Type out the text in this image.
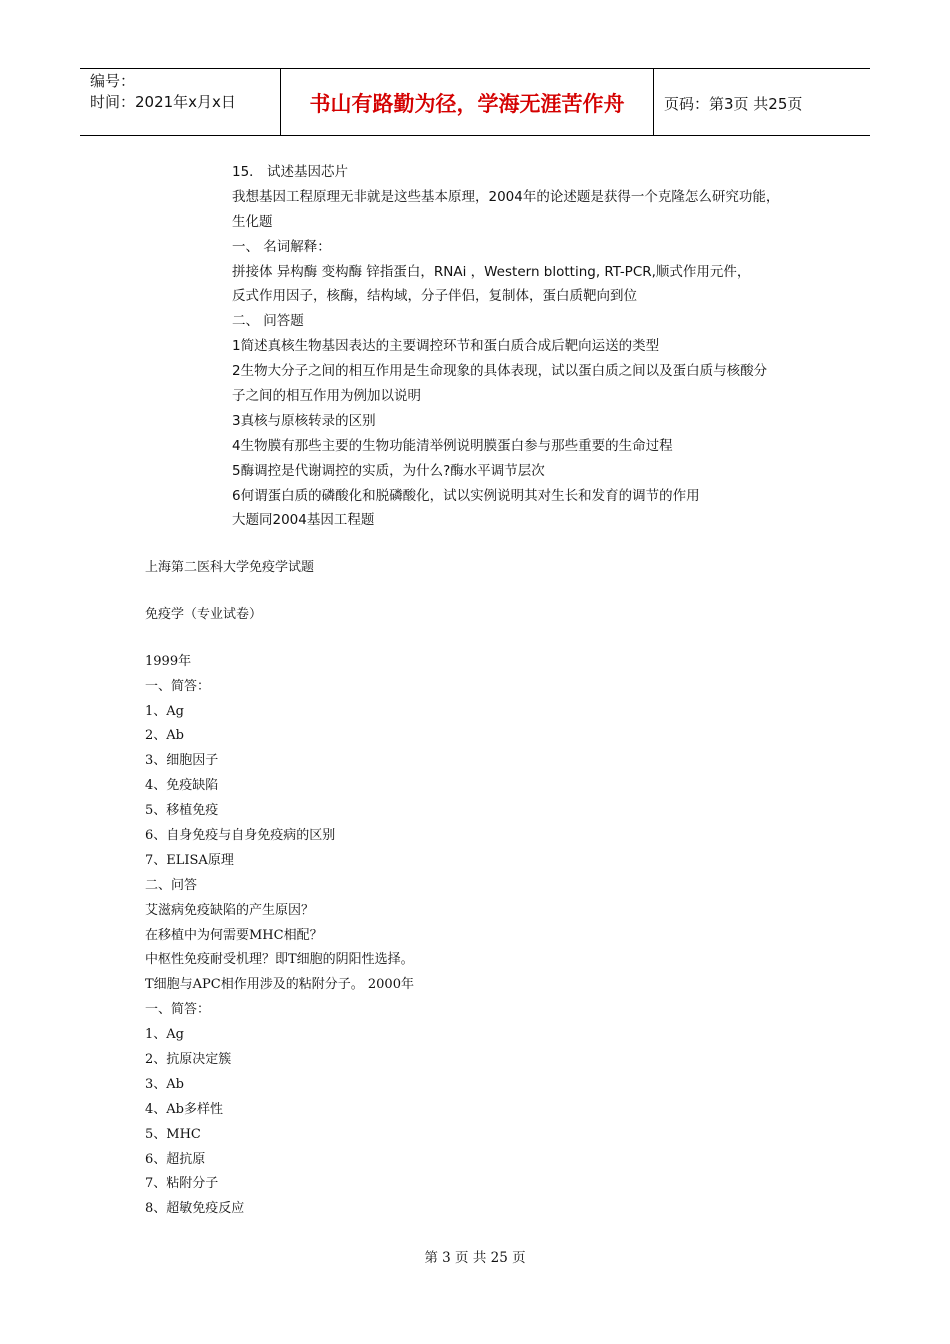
编号：
时间：2021年x月x日	书山有路勤为径，学海无涯苦作舟	页码：第3页 共25页
15． 试述基因芯片
我想基因工程原理无非就是这些基本原理，2004年的论述题是获得一个克隆怎么研究功能，
生化题
一、 名词解释：
拼接体 异构酶 变构酶 锌指蛋白，RNAi ，Western blotting, RT-PCR,顺式作用元件，
反式作用因子，核酶，结构域，分子伴侣，复制体，蛋白质靶向到位
二、 问答题
1简述真核生物基因表达的主要调控环节和蛋白质合成后靶向运送的类型
2生物大分子之间的相互作用是生命现象的具体表现，试以蛋白质之间以及蛋白质与核酸分
子之间的相互作用为例加以说明
3真核与原核转录的区别
4生物膜有那些主要的生物功能清举例说明膜蛋白参与那些重要的生命过程
5酶调控是代谢调控的实质，为什么?酶水平调节层次
6何谓蛋白质的磷酸化和脱磷酸化，试以实例说明其对生长和发育的调节的作用
大题同2004基因工程题
上海第二医科大学免疫学试题
免疫学（专业试卷）
1999年
一、简答：
1、Ag
2、Ab
3、细胞因子
4、免疫缺陷
5、移植免疫
6、自身免疫与自身免疫病的区别
7、ELISA原理
二、问答
艾滋病免疫缺陷的产生原因？
在移植中为何需要MHC相配？
中枢性免疫耐受机理？即T细胞的阴阳性选择。
T细胞与APC相作用涉及的粘附分子。 2000年
一、简答：
1、Ag
2、抗原决定簇
3、Ab
4、Ab多样性
5、MHC
6、超抗原
7、粘附分子
8、超敏免疫反应
第 3 页 共 25 页
